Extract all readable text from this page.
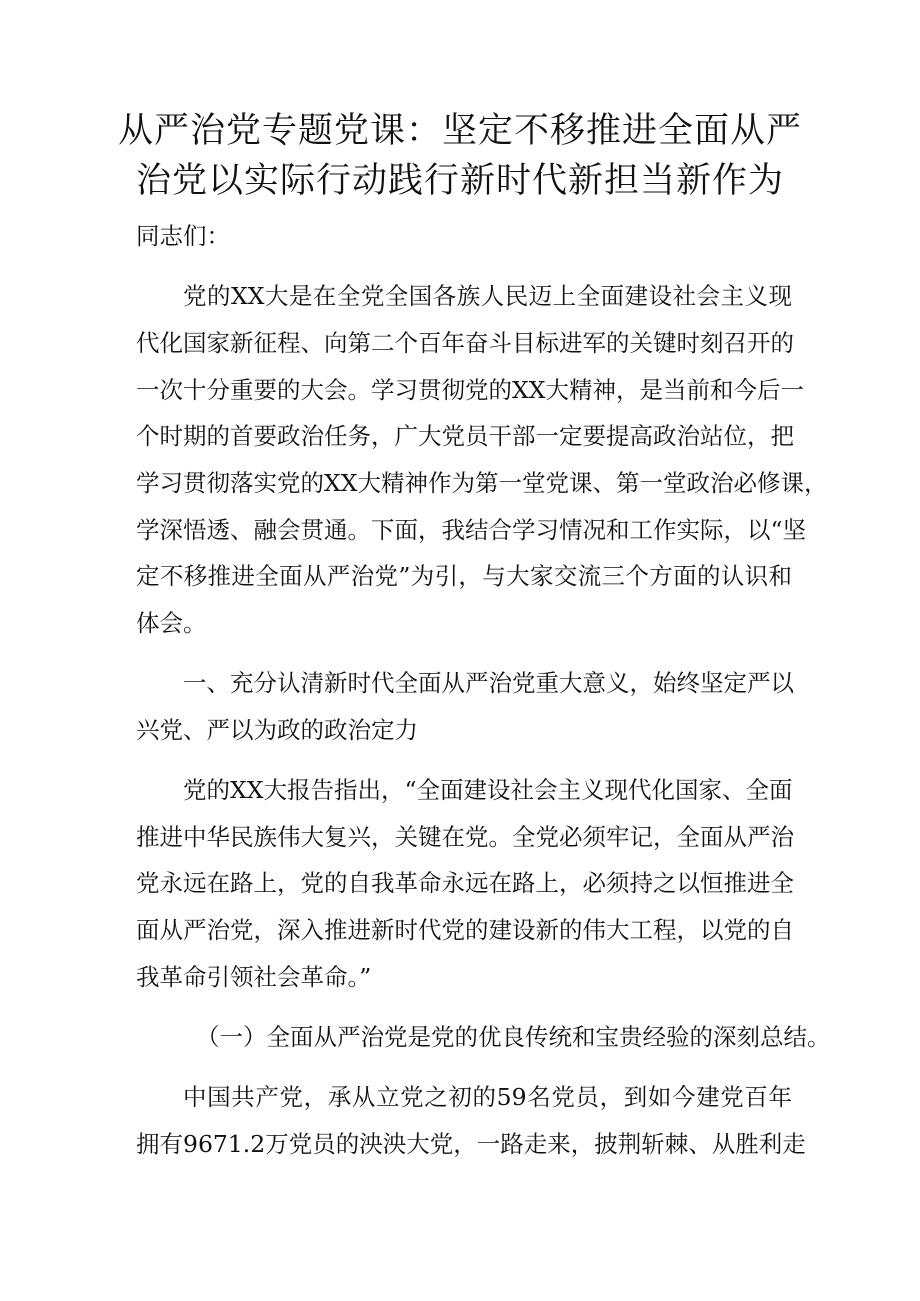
从严治党专题党课：坚定不移推进全面从严
治党以实际行动践行新时代新担当新作为

同志们：

党的XX大是在全党全国各族人民迈上全面建设社会主义现

代化国家新征程、向第二个百年奋斗目标进军的关键时刻召开的

一次十分重要的大会。学习贯彻党的XX大精神，是当前和今后一

个时期的首要政治任务，广大党员干部一定要提高政治站位，把

学习贯彻落实党的XX大精神作为第一堂党课、第一堂政治必修课，

学深悟透、融会贯通。下面，我结合学习情况和工作实际，以“坚

定不移推进全面从严治党”为引，与大家交流三个方面的认识和

体会。

一、充分认清新时代全面从严治党重大意义，始终坚定严以

兴党、严以为政的政治定力

党的XX大报告指出，“全面建设社会主义现代化国家、全面

推进中华民族伟大复兴，关键在党。全党必须牢记，全面从严治

党永远在路上，党的自我革命永远在路上，必须持之以恒推进全

面从严治党，深入推进新时代党的建设新的伟大工程，以党的自

我革命引领社会革命。”

（一）全面从严治党是党的优良传统和宝贵经验的深刻总结。

中国共产党，承从立党之初的59名党员，到如今建党百年

拥有9671.2万党员的泱泱大党，一路走来，披荆斩棘、从胜利走
